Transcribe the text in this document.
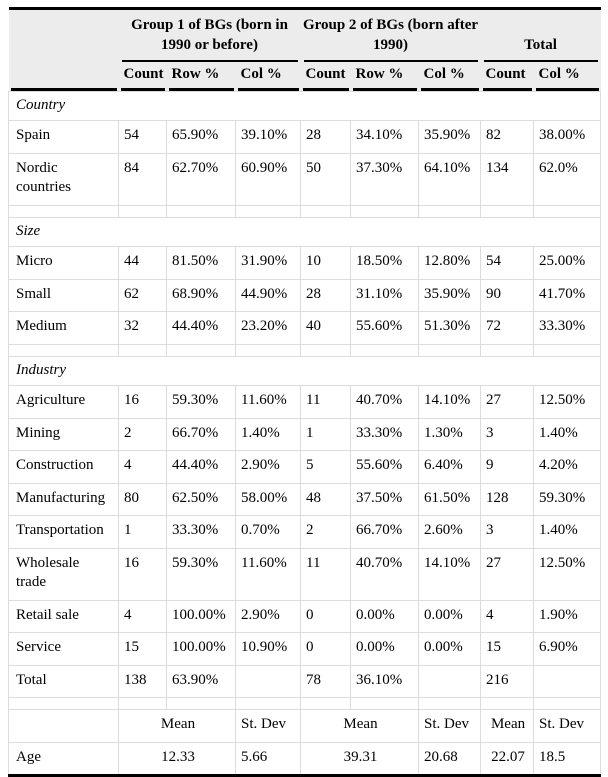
	Group 1 of BGs (born in 1990 or before)			Group 2 of BGs (born after 1990)			Total	

	Count	Row %	Col %	Count	Row %	Col %	Count	Col %

Country								
Spain	54	65.90%	39.10%	28	34.10%	35.90%	82	38.00%
Nordic countries	84	62.70%	60.90%	50	37.30%	64.10%	134	62.0%

Size								
Micro	44	81.50%	31.90%	10	18.50%	12.80%	54	25.00%
Small	62	68.90%	44.90%	28	31.10%	35.90%	90	41.70%
Medium	32	44.40%	23.20%	40	55.60%	51.30%	72	33.30%

Industry								
Agriculture	16	59.30%	11.60%	11	40.70%	14.10%	27	12.50%
Mining	2	66.70%	1.40%	1	33.30%	1.30%	3	1.40%
Construction	4	44.40%	2.90%	5	55.60%	6.40%	9	4.20%
Manufacturing	80	62.50%	58.00%	48	37.50%	61.50%	128	59.30%
Transportation	1	33.30%	0.70%	2	66.70%	2.60%	3	1.40%
Wholesale trade	16	59.30%	11.60%	11	40.70%	14.10%	27	12.50%
Retail sale	4	100.00%	2.90%	0	0.00%	0.00%	4	1.90%
Service	15	100.00%	10.90%	0	0.00%	0.00%	15	6.90%
Total	138	63.90%		78	36.10%		216	

	Mean		St. Dev	Mean		St. Dev	Mean	St. Dev
Age	12.33		5.66	39.31		20.68	22.07	18.5
